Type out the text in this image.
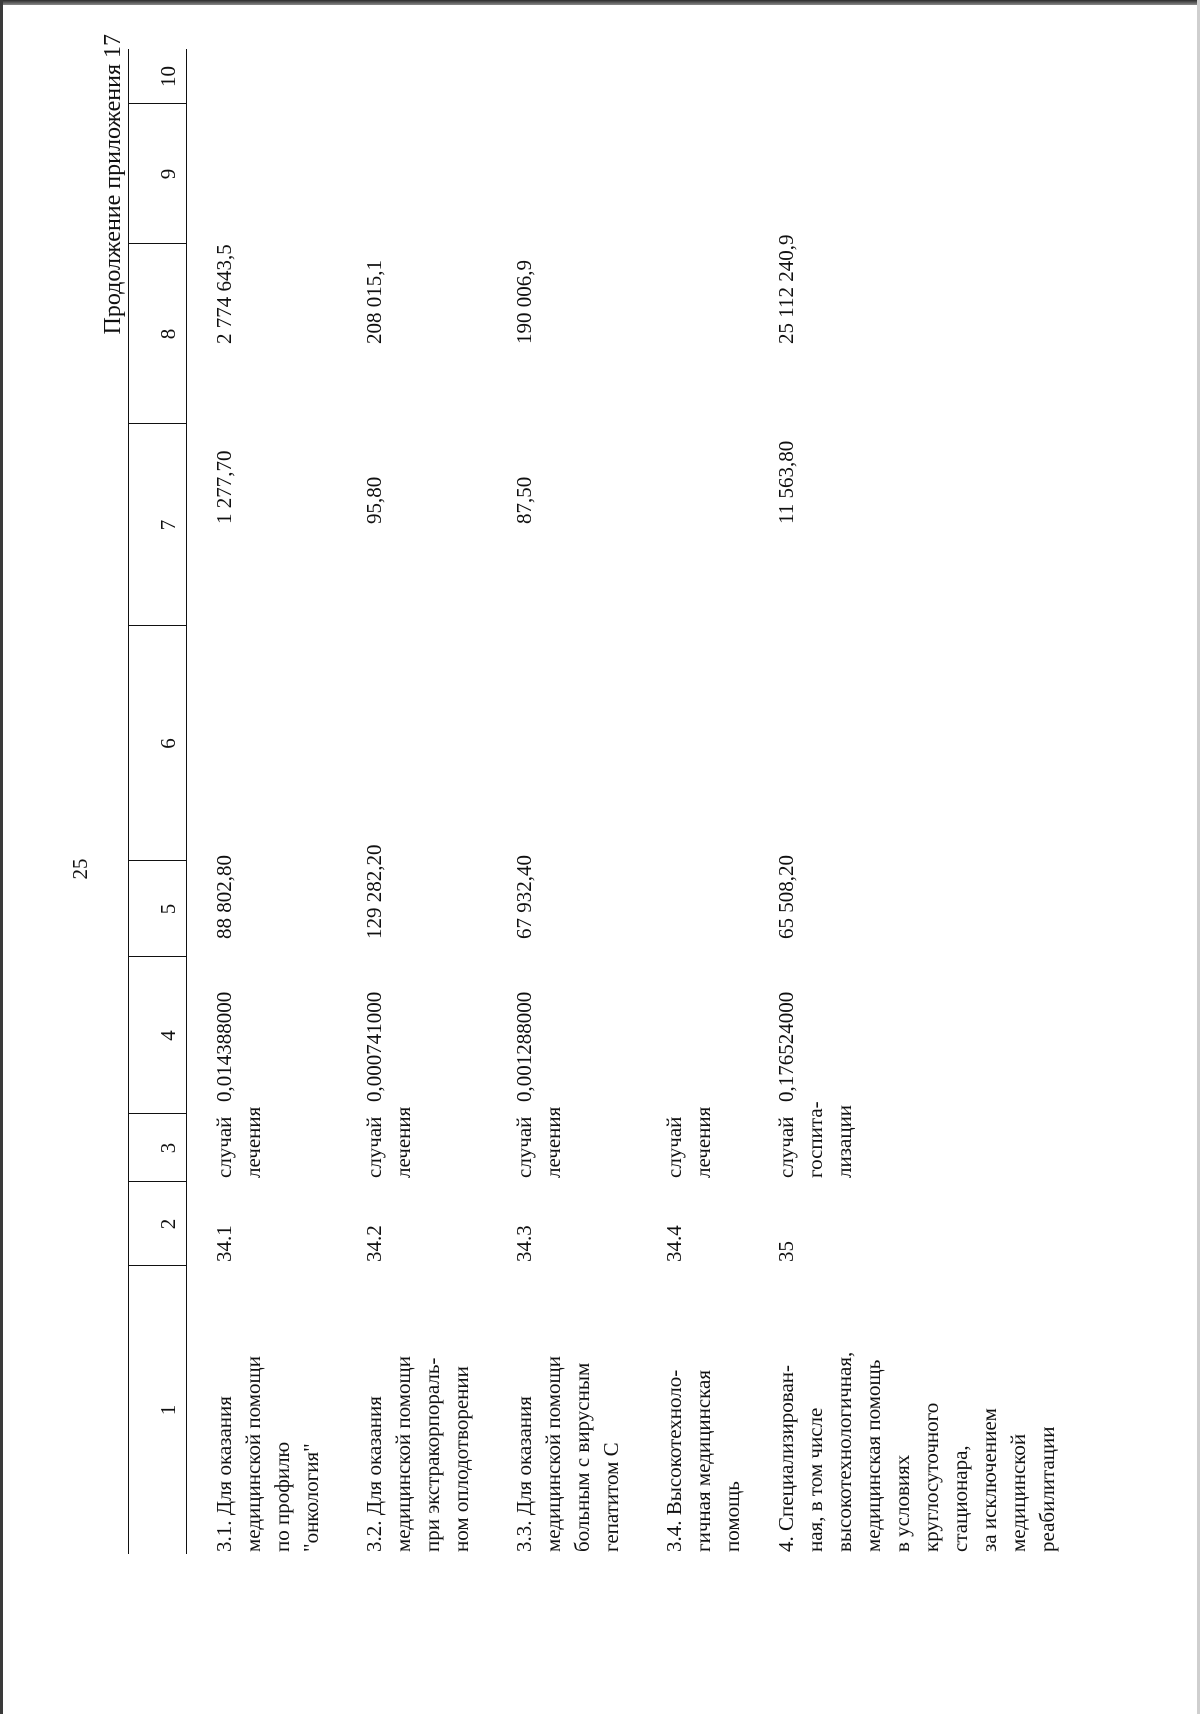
25
Продолжение приложения 17
1
2
3
4
5
6
7
8
9
10
3.1. Для оказания медицинской помощи по профилю "онкология"
случай лечения
34.1
0,014388000
88 802,80
1 277,70
2 774 643,5
3.2. Для оказания медицинской помощи при экстракорпораль- ном оплодотворении
случай лечения
34.2
0,000741000
129 282,20
95,80
208 015,1
3.3. Для оказания медицинской помощи больным с вирусным гепатитом С
случай лечения
34.3
0,001288000
67 932,40
87,50
190 006,9
3.4. Высокотехноло- гичная медицинская помощь
случай лечения
34.4
4. Специализирован- ная, в том числе высокотехнологичная, медицинская помощь в условиях круглосуточного стационара, за исключением медицинской реабилитации
случай госпита- лизации
35
0,176524000
65 508,20
11 563,80
25 112 240,9
